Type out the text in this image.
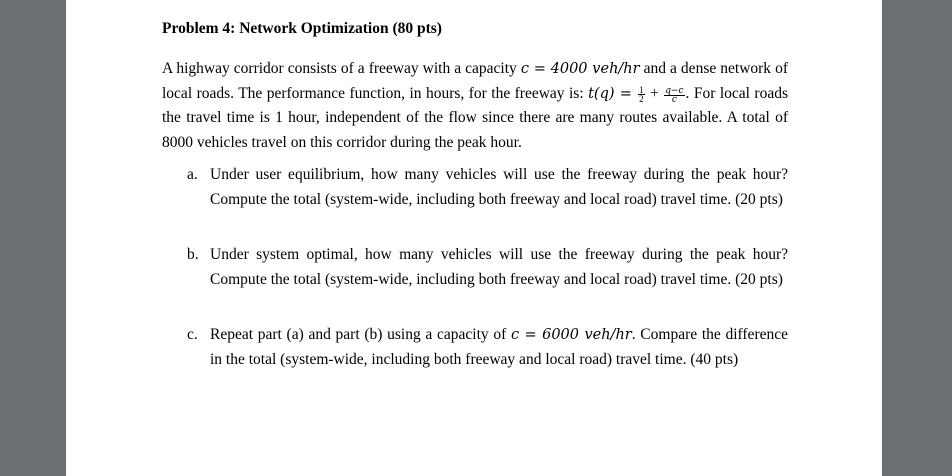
Problem 4: Network Optimization (80 pts)
A highway corridor consists of a freeway with a capacity c = 4000 veh/hr and a dense network of local roads. The performance function, in hours, for the freeway is: $t(q) = \frac{1}{2} + \frac{q-c}{c}$ . For local roads the travel time is 1 hour, independent of the flow since there are many routes available. A total of 8000 vehicles travel on this corridor during the peak hour.
a. Under user equilibrium, how many vehicles will use the freeway during the peak hour? Compute the total (system-wide, including both freeway and local road) travel time. (20 pts)
b. Under system optimal, how many vehicles will use the freeway during the peak hour? Compute the total (system-wide, including both freeway and local road) travel time. (20 pts)
c. Repeat part (a) and part (b) using a capacity of c = 6000 veh/hr. Compare the difference in the total (system-wide, including both freeway and local road) travel time. (40 pts)
